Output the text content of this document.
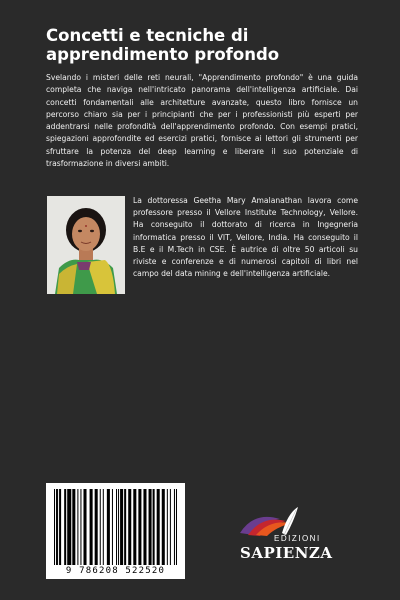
Concetti e tecniche di apprendimento profondo

Svelando i misteri delle reti neurali, "Apprendimento profondo" è una guida completa che naviga nell'intricato panorama dell'intelligenza artificiale. Dai concetti fondamentali alle architetture avanzate, questo libro fornisce un percorso chiaro sia per i principianti che per i professionisti più esperti per addentrarsi nelle profondità dell'apprendimento profondo. Con esempi pratici, spiegazioni approfondite ed esercizi pratici, fornisce ai lettori gli strumenti per sfruttare la potenza del deep learning e liberare il suo potenziale di trasformazione in diversi ambiti.

La dottoressa Geetha Mary Amalanathan lavora come professore presso il Vellore Institute Technology, Vellore. Ha conseguito il dottorato di ricerca in Ingegneria informatica presso il VIT, Vellore, India. Ha conseguito il B.E e il M.Tech in CSE. È autrice di oltre 50 articoli su riviste e conferenze e di numerosi capitoli di libri nel campo del data mining e dell'intelligenza artificiale.

9 786208 522520
EDIZIONI
SAPIENZA
